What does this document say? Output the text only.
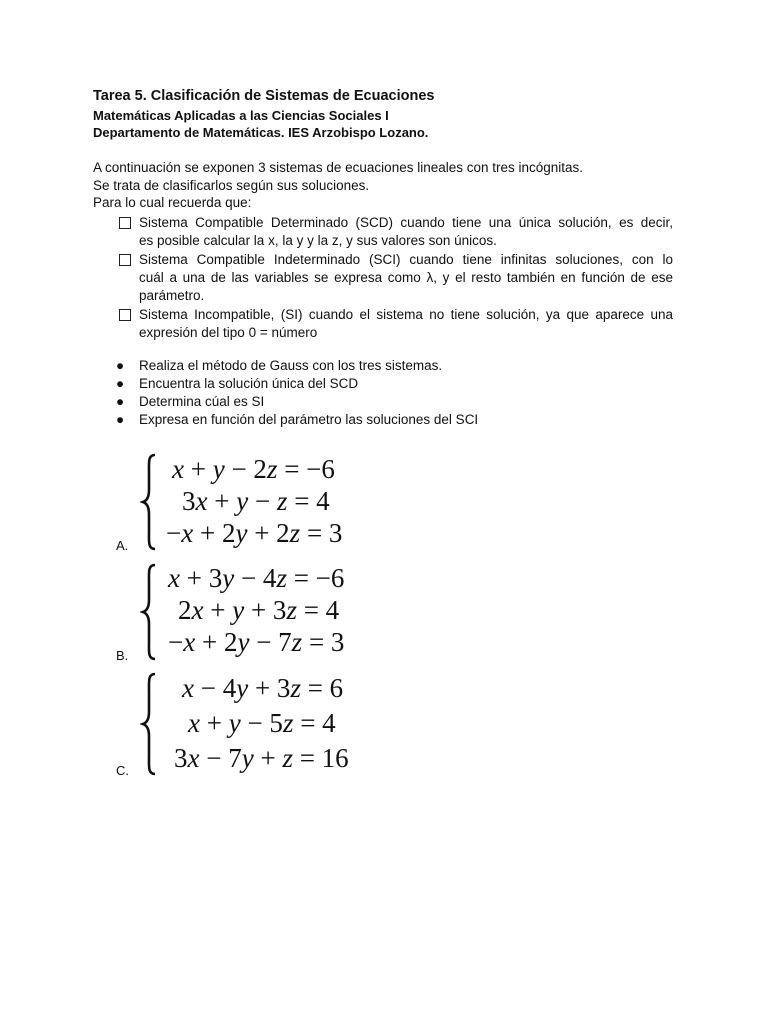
Tarea 5. Clasificación de Sistemas de Ecuaciones
Matemáticas Aplicadas a las Ciencias Sociales I
Departamento de Matemáticas. IES Arzobispo Lozano.
A continuación se exponen 3 sistemas de ecuaciones lineales con tres incógnitas.
Se trata de clasificarlos según sus soluciones.
Para lo cual recuerda que:
Sistema Compatible Determinado (SCD) cuando tiene una única solución, es decir,
es posible calcular la x, la y y la z, y sus valores son únicos.
Sistema Compatible Indeterminado (SCI) cuando tiene infinitas soluciones, con lo
cuál a una de las variables se expresa como λ, y el resto también en función de ese
parámetro.
Sistema Incompatible, (SI) cuando el sistema no tiene solución, ya que aparece una
expresión del tipo 0 = número
● Realiza el método de Gauss con los tres sistemas.
● Encuentra la solución única del SCD
● Determina cúal es SI
● Expresa en función del parámetro las soluciones del SCI
A.
x + y − 2z = −6
3x + y − z = 4
−x + 2y + 2z = 3
B.
x + 3y − 4z = −6
2x + y + 3z = 4
−x + 2y − 7z = 3
C.
x − 4y + 3z = 6
x + y − 5z = 4
3x − 7y + z = 16
